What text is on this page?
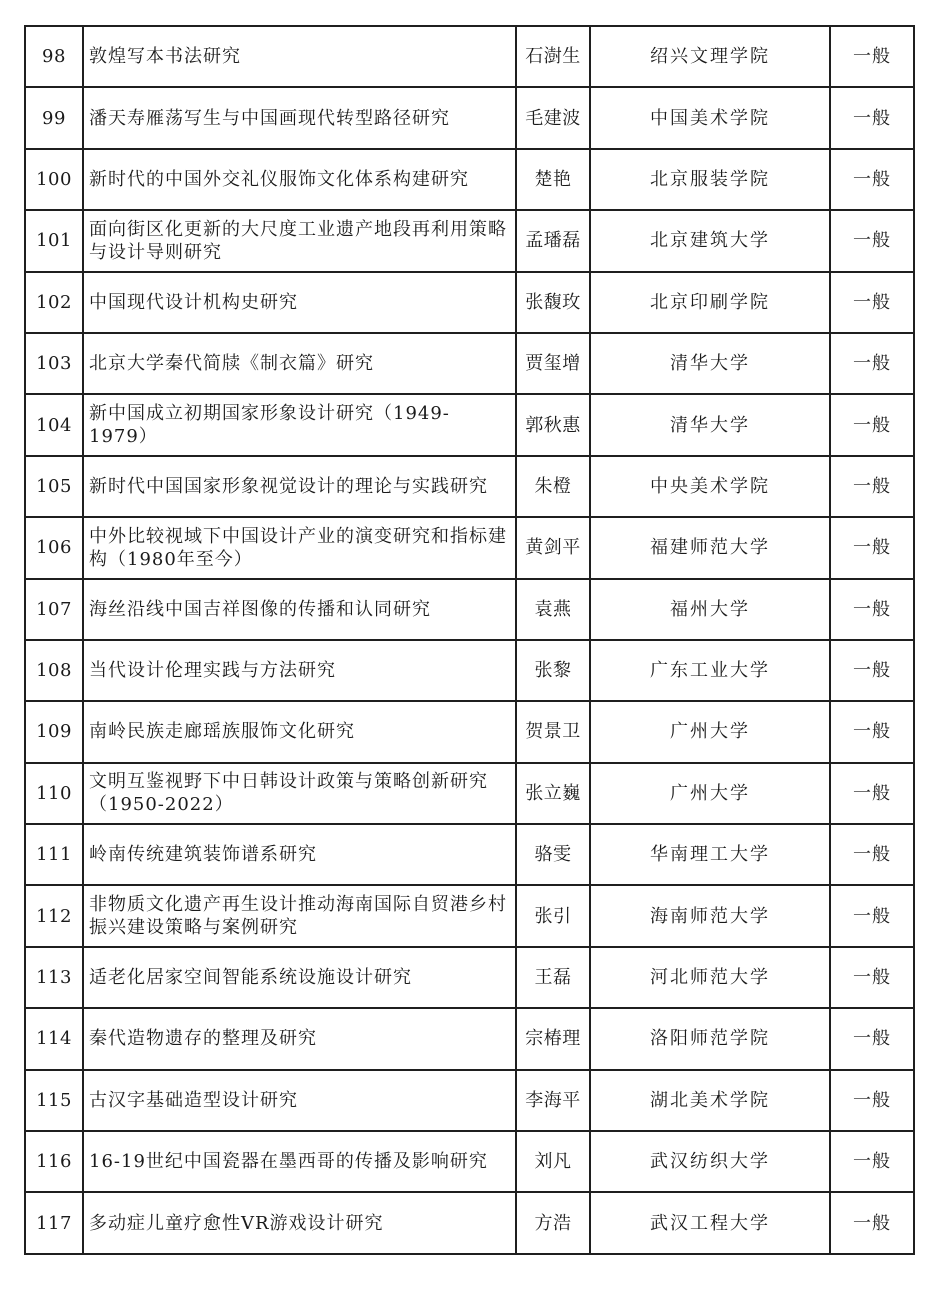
98	敦煌写本书法研究	石澍生	绍兴文理学院	一般
99	潘天寿雁荡写生与中国画现代转型路径研究	毛建波	中国美术学院	一般
100	新时代的中国外交礼仪服饰文化体系构建研究	楚艳	北京服装学院	一般
101	面向街区化更新的大尺度工业遗产地段再利用策略与设计导则研究	孟璠磊	北京建筑大学	一般
102	中国现代设计机构史研究	张馥玫	北京印刷学院	一般
103	北京大学秦代简牍《制衣篇》研究	贾玺增	清华大学	一般
104	新中国成立初期国家形象设计研究（1949-1979）	郭秋惠	清华大学	一般
105	新时代中国国家形象视觉设计的理论与实践研究	朱橙	中央美术学院	一般
106	中外比较视域下中国设计产业的演变研究和指标建构（1980年至今）	黄剑平	福建师范大学	一般
107	海丝沿线中国吉祥图像的传播和认同研究	袁燕	福州大学	一般
108	当代设计伦理实践与方法研究	张黎	广东工业大学	一般
109	南岭民族走廊瑶族服饰文化研究	贺景卫	广州大学	一般
110	文明互鉴视野下中日韩设计政策与策略创新研究（1950-2022）	张立巍	广州大学	一般
111	岭南传统建筑装饰谱系研究	骆雯	华南理工大学	一般
112	非物质文化遗产再生设计推动海南国际自贸港乡村振兴建设策略与案例研究	张引	海南师范大学	一般
113	适老化居家空间智能系统设施设计研究	王磊	河北师范大学	一般
114	秦代造物遗存的整理及研究	宗椿理	洛阳师范学院	一般
115	古汉字基础造型设计研究	李海平	湖北美术学院	一般
116	16-19世纪中国瓷器在墨西哥的传播及影响研究	刘凡	武汉纺织大学	一般
117	多动症儿童疗愈性VR游戏设计研究	方浩	武汉工程大学	一般
